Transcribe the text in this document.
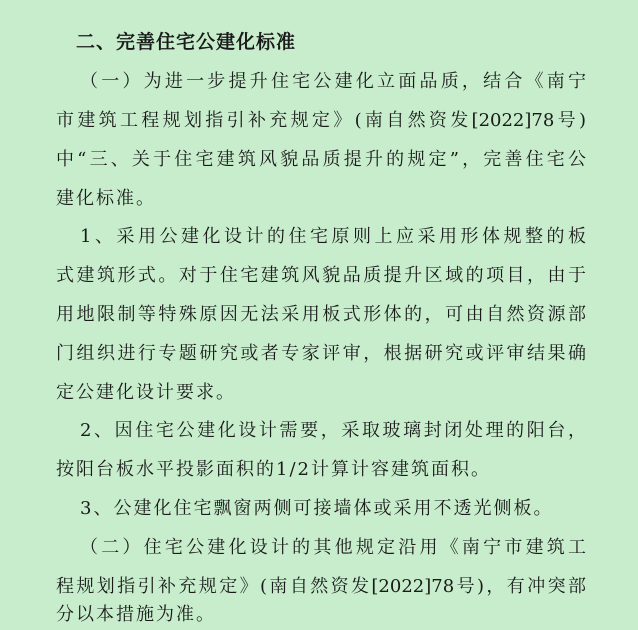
二、完善住宅公建化标准
（一）为进一步提升住宅公建化立面品质，结合《南宁
市建筑工程规划指引补充规定》(南自然资发[2022]78号)
中“三、关于住宅建筑风貌品质提升的规定”，完善住宅公
建化标准。
1、采用公建化设计的住宅原则上应采用形体规整的板
式建筑形式。对于住宅建筑风貌品质提升区域的项目，由于
用地限制等特殊原因无法采用板式形体的，可由自然资源部
门组织进行专题研究或者专家评审，根据研究或评审结果确
定公建化设计要求。
2、因住宅公建化设计需要，采取玻璃封闭处理的阳台，
按阳台板水平投影面积的1/2计算计容建筑面积。
3、公建化住宅飘窗两侧可接墙体或采用不透光侧板。
（二）住宅公建化设计的其他规定沿用《南宁市建筑工
程规划指引补充规定》(南自然资发[2022]78号)，有冲突部
分以本措施为准。
